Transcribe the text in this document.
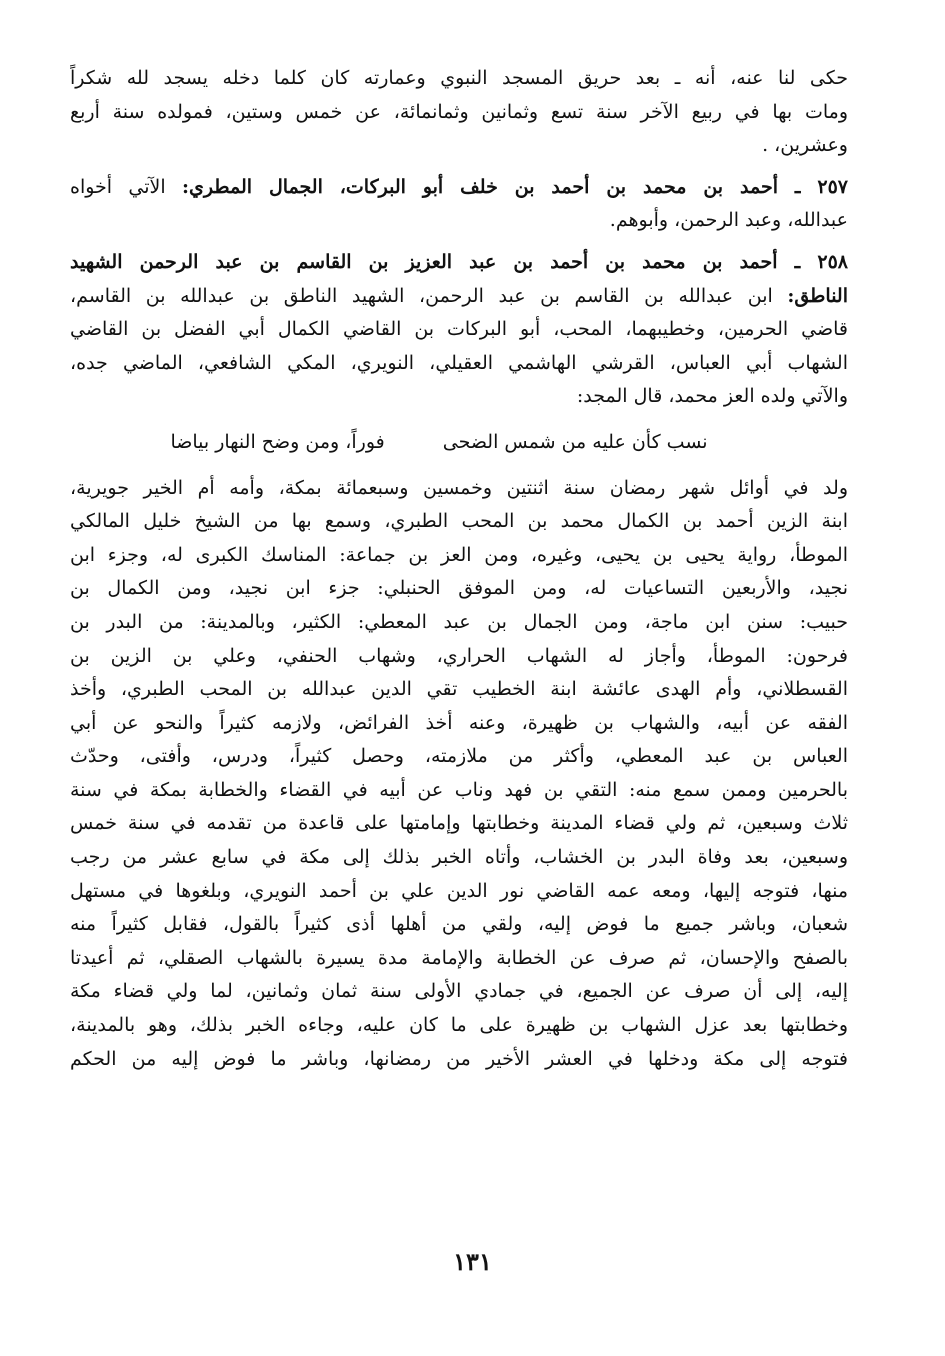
حكى لنا عنه، أنه ـ بعد حريق المسجد النبوي وعمارته كان كلما دخله يسجد لله شكراً
ومات بها في ربيع الآخر سنة تسع وثمانين وثمانمائة، عن خمس وستين، فمولده سنة أربع
وعشرين، .
٢٥٧ ـ أحمد بن محمد بن أحمد بن خلف أبو البركات، الجمال المطري: الآتي أخواه
عبدالله، وعبد الرحمن، وأبوهم.
٢٥٨ ـ أحمد بن محمد بن أحمد بن عبد العزيز بن القاسم بن عبد الرحمن الشهيد
الناطق: ابن عبدالله بن القاسم بن عبد الرحمن، الشهيد الناطق بن عبدالله بن القاسم،
قاضي الحرمين، وخطيبهما، المحب، أبو البركات بن القاضي الكمال أبي الفضل بن القاضي
الشهاب أبي العباس، القرشي الهاشمي العقيلي، النويري، المكي الشافعي، الماضي جده،
والآتي ولده العز محمد، قال المجد:
نسب كأن عليه من شمس الضحى
فوراً، ومن وضح النهار بياضا
ولد في أوائل شهر رمضان سنة اثنتين وخمسين وسبعمائة بمكة، وأمه أم الخير جويرية،
ابنة الزين أحمد بن الكمال محمد بن المحب الطبري، وسمع بها من الشيخ خليل المالكي
الموطأ، رواية يحيى بن يحيى، وغيره، ومن العز بن جماعة: المناسك الكبرى له، وجزء ابن
نجيد، والأربعين التساعيات له، ومن الموفق الحنبلي: جزء ابن نجيد، ومن الكمال بن
حبيب: سنن ابن ماجة، ومن الجمال بن عبد المعطي: الكثير، وبالمدينة: من البدر بن
فرحون: الموطأ، وأجاز له الشهاب الحراري، وشهاب الحنفي، وعلي بن الزين بن
القسطلاني، وأم الهدى عائشة ابنة الخطيب تقي الدين عبدالله بن المحب الطبري، وأخذ
الفقه عن أبيه، والشهاب بن ظهيرة، وعنه أخذ الفرائض، ولازمه كثيراً والنحو عن أبي
العباس بن عبد المعطي، وأكثر من ملازمته، وحصل كثيراً، ودرس، وأفتى، وحدّث
بالحرمين وممن سمع منه: التقي بن فهد وناب عن أبيه في القضاء والخطابة بمكة في سنة
ثلاث وسبعين، ثم ولي قضاء المدينة وخطابتها وإمامتها على قاعدة من تقدمه في سنة خمس
وسبعين، بعد وفاة البدر بن الخشاب، وأتاه الخبر بذلك إلى مكة في سابع عشر من رجب
منها، فتوجه إليها، ومعه عمه القاضي نور الدين علي بن أحمد النويري، وبلغوها في مستهل
شعبان، وباشر جميع ما فوض إليه، ولقي من أهلها أذى كثيراً بالقول، فقابل كثيراً منه
بالصفح والإحسان، ثم صرف عن الخطابة والإمامة مدة يسيرة بالشهاب الصقلي، ثم أعيدتا
إليه، إلى أن صرف عن الجميع، في جمادي الأولى سنة ثمان وثمانين، لما ولي قضاء مكة
وخطابتها بعد عزل الشهاب بن ظهيرة على ما كان عليه، وجاءه الخبر بذلك، وهو بالمدينة،
فتوجه إلى مكة ودخلها في العشر الأخير من رمضانها، وباشر ما فوض إليه من الحكم
١٣١
